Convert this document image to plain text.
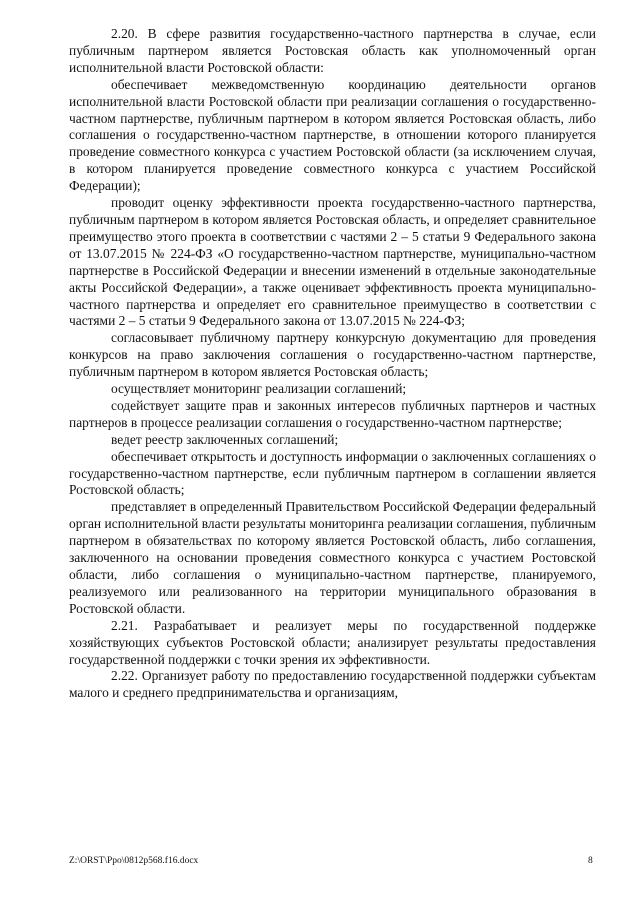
2.20. В сфере развития государственно-частного партнерства в случае, если публичным партнером является Ростовская область как уполномоченный орган исполнительной власти Ростовской области:

обеспечивает межведомственную координацию деятельности органов исполнительной власти Ростовской области при реализации соглашения о государственно-частном партнерстве, публичным партнером в котором является Ростовская область, либо соглашения о государственно-частном партнерстве, в отношении которого планируется проведение совместного конкурса с участием Ростовской области (за исключением случая, в котором планируется проведение совместного конкурса с участием Российской Федерации);

проводит оценку эффективности проекта государственно-частного партнерства, публичным партнером в котором является Ростовская область, и определяет сравнительное преимущество этого проекта в соответствии с частями 2 – 5 статьи 9 Федерального закона от 13.07.2015 № 224-ФЗ «О государственно-частном партнерстве, муниципально-частном партнерстве в Российской Федерации и внесении изменений в отдельные законодательные акты Российской Федерации», а также оценивает эффективность проекта муниципально-частного партнерства и определяет его сравнительное преимущество в соответствии с частями 2 – 5 статьи 9 Федерального закона от 13.07.2015 № 224-ФЗ;

согласовывает публичному партнеру конкурсную документацию для проведения конкурсов на право заключения соглашения о государственно-частном партнерстве, публичным партнером в котором является Ростовская область;

осуществляет мониторинг реализации соглашений;

содействует защите прав и законных интересов публичных партнеров и частных партнеров в процессе реализации соглашения о государственно-частном партнерстве;

ведет реестр заключенных соглашений;

обеспечивает открытость и доступность информации о заключенных соглашениях о государственно-частном партнерстве, если публичным партнером в соглашении является Ростовской область;

представляет в определенный Правительством Российской Федерации федеральный орган исполнительной власти результаты мониторинга реализации соглашения, публичным партнером в обязательствах по которому является Ростовской область, либо соглашения, заключенного на основании проведения совместного конкурса с участием Ростовской области, либо соглашения о муниципально-частном партнерстве, планируемого, реализуемого или реализованного на территории муниципального образования в Ростовской области.

2.21. Разрабатывает и реализует меры по государственной поддержке хозяйствующих субъектов Ростовской области; анализирует результаты предоставления государственной поддержки с точки зрения их эффективности.

2.22. Организует работу по предоставлению государственной поддержки субъектам малого и среднего предпринимательства и организациям,

Z:\ORST\Ppo\0812p568.f16.docx	8
